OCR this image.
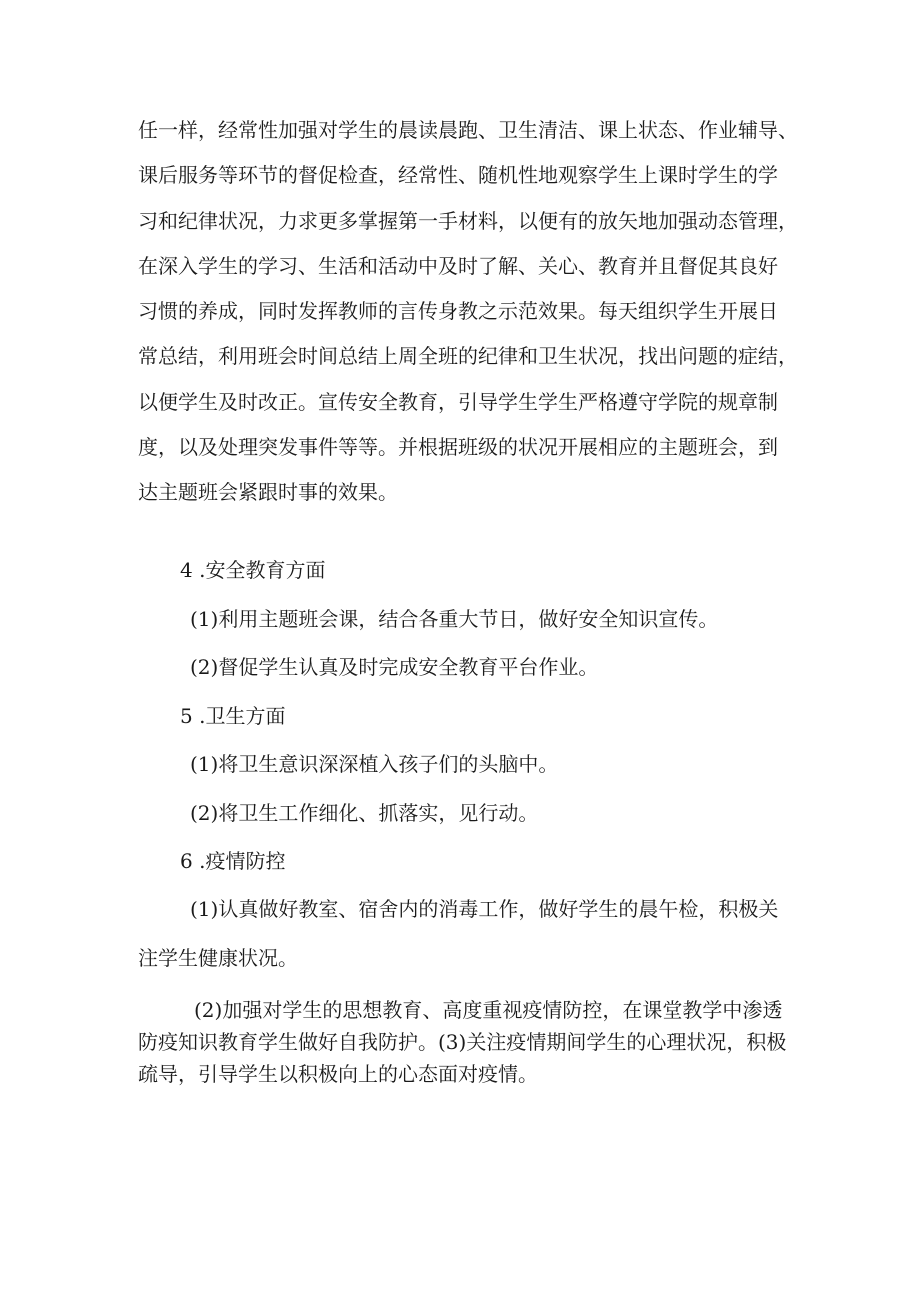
任一样，经常性加强对学生的晨读晨跑、卫生清洁、课上状态、作业辅导、
课后服务等环节的督促检查，经常性、随机性地观察学生上课时学生的学
习和纪律状况，力求更多掌握第一手材料，以便有的放矢地加强动态管理，
在深入学生的学习、生活和活动中及时了解、关心、教育并且督促其良好
习惯的养成，同时发挥教师的言传身教之示范效果。每天组织学生开展日
常总结，利用班会时间总结上周全班的纪律和卫生状况，找出问题的症结，
以便学生及时改正。宣传安全教育，引导学生学生严格遵守学院的规章制
度，以及处理突发事件等等。并根据班级的状况开展相应的主题班会，到
达主题班会紧跟时事的效果。

4 .安全教育方面

(1)利用主题班会课，结合各重大节日，做好安全知识宣传。

(2)督促学生认真及时完成安全教育平台作业。

5 .卫生方面

(1)将卫生意识深深植入孩子们的头脑中。

(2)将卫生工作细化、抓落实，见行动。

6 .疫情防控

(1)认真做好教室、宿舍内的消毒工作，做好学生的晨午检，积极关
注学生健康状况。
(2)加强对学生的思想教育、高度重视疫情防控，在课堂教学中渗透
防疫知识教育学生做好自我防护。(3)关注疫情期间学生的心理状况，积极
疏导，引导学生以积极向上的心态面对疫情。
